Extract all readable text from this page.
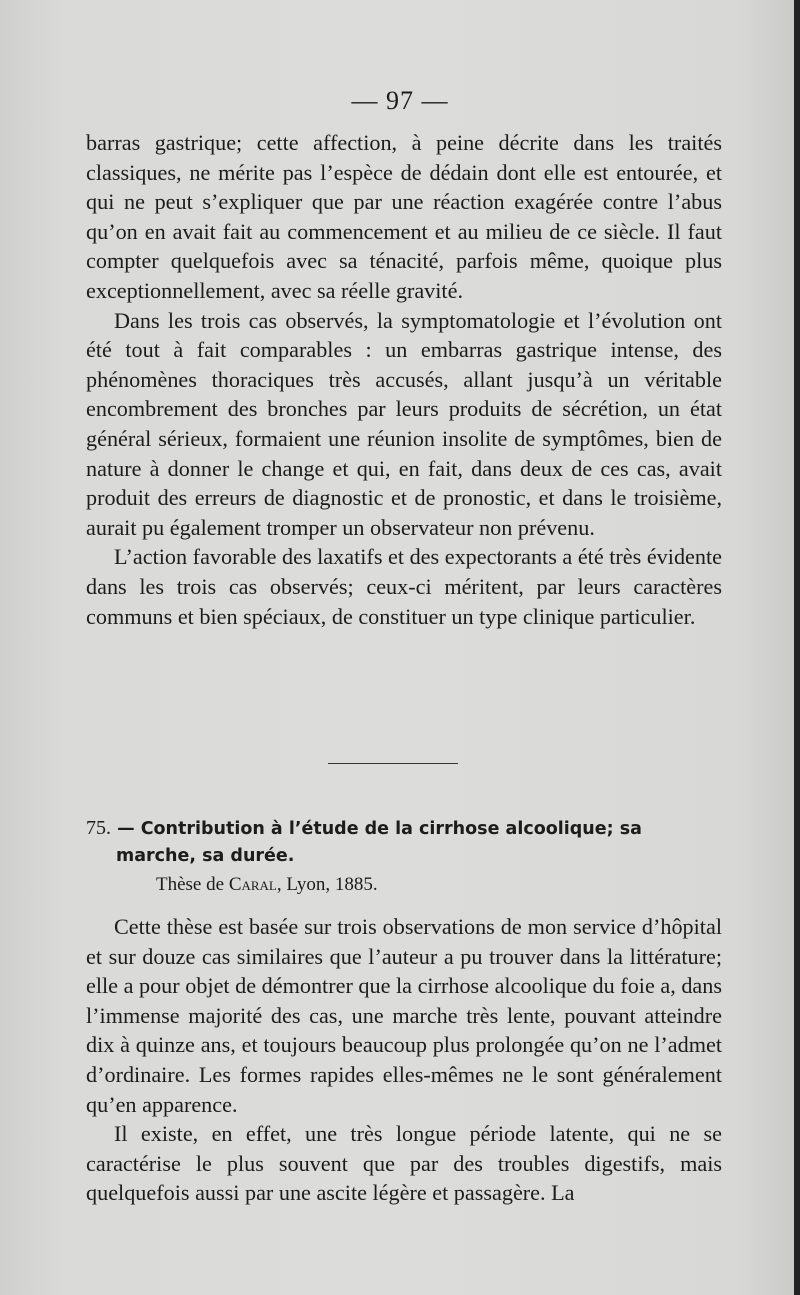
— 97 —

barras gastrique; cette affection, à peine décrite dans les traités classiques, ne mérite pas l’espèce de dédain dont elle est entourée, et qui ne peut s’expliquer que par une réaction exagérée contre l’abus qu’on en avait fait au commencement et au milieu de ce siècle. Il faut compter quelquefois avec sa ténacité, parfois même, quoique plus exceptionnellement, avec sa réelle gravité.

Dans les trois cas observés, la symptomatologie et l’évolution ont été tout à fait comparables : un embarras gastrique intense, des phénomènes thoraciques très accusés, allant jusqu’à un véritable encombrement des bronches par leurs produits de sécrétion, un état général sérieux, formaient une réunion insolite de symptômes, bien de nature à donner le change et qui, en fait, dans deux de ces cas, avait produit des erreurs de diagnostic et de pronostic, et dans le troisième, aurait pu également tromper un observateur non prévenu.

L’action favorable des laxatifs et des expectorants a été très évidente dans les trois cas observés; ceux-ci méritent, par leurs caractères communs et bien spéciaux, de constituer un type clinique particulier.

75. — Contribution à l’étude de la cirrhose alcoolique; sa
marche, sa durée.
Thèse de Caral, Lyon, 1885.

Cette thèse est basée sur trois observations de mon service d’hôpital et sur douze cas similaires que l’auteur a pu trouver dans la littérature; elle a pour objet de démontrer que la cirrhose alcoolique du foie a, dans l’immense majorité des cas, une marche très lente, pouvant atteindre dix à quinze ans, et toujours beaucoup plus prolongée qu’on ne l’admet d’ordinaire. Les formes rapides elles-mêmes ne le sont généralement qu’en apparence.

Il existe, en effet, une très longue période latente, qui ne se caractérise le plus souvent que par des troubles digestifs, mais quelquefois aussi par une ascite légère et passagère. La
